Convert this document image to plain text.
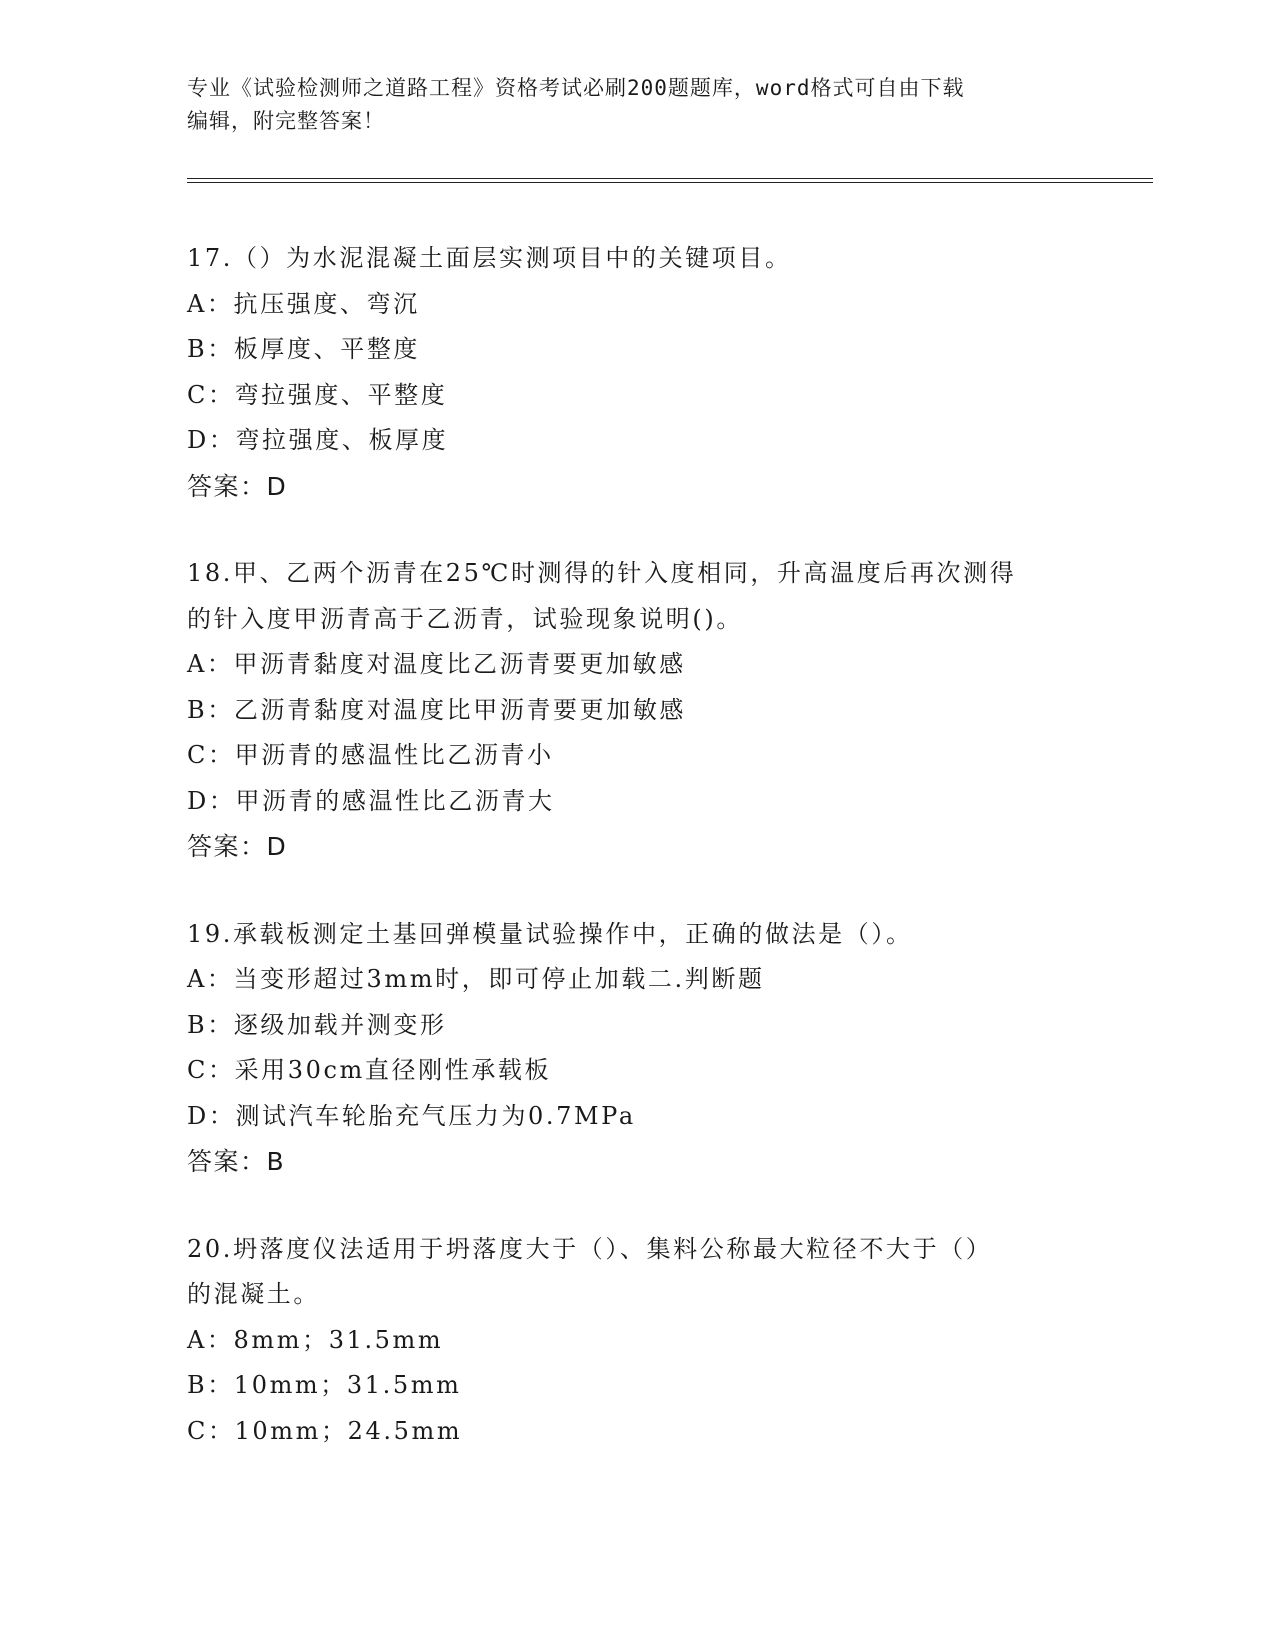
专业《试验检测师之道路工程》资格考试必刷200题题库，word格式可自由下载
编辑，附完整答案！
17.（）为水泥混凝土面层实测项目中的关键项目。
A：抗压强度、弯沉
B：板厚度、平整度
C：弯拉强度、平整度
D：弯拉强度、板厚度
答案：D
18.甲、乙两个沥青在25℃时测得的针入度相同，升高温度后再次测得
的针入度甲沥青高于乙沥青，试验现象说明()。
A：甲沥青黏度对温度比乙沥青要更加敏感
B：乙沥青黏度对温度比甲沥青要更加敏感
C：甲沥青的感温性比乙沥青小
D：甲沥青的感温性比乙沥青大
答案：D
19.承载板测定土基回弹模量试验操作中，正确的做法是（）。
A：当变形超过3mm时，即可停止加载二.判断题
B：逐级加载并测变形
C：采用30cm直径刚性承载板
D：测试汽车轮胎充气压力为0.7MPa
答案：B
20.坍落度仪法适用于坍落度大于（）、集料公称最大粒径不大于（）
的混凝土。
A：8mm；31.5mm
B：10mm；31.5mm
C：10mm；24.5mm
